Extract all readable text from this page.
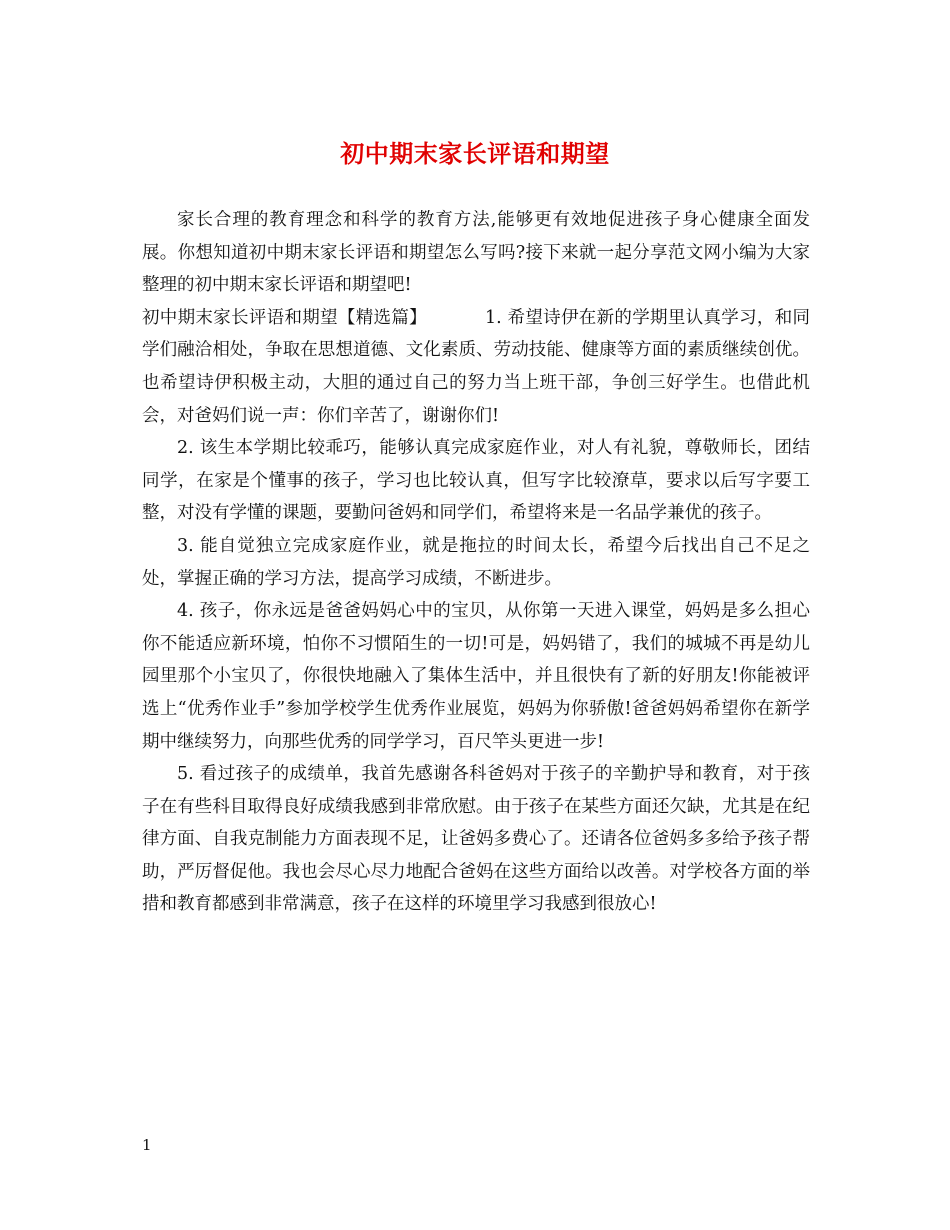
初中期末家长评语和期望

家长合理的教育理念和科学的教育方法,能够更有效地促进孩子身心健康全面发展。你想知道初中期末家长评语和期望怎么写吗?接下来就一起分享范文网小编为大家整理的初中期末家长评语和期望吧!

初中期末家长评语和期望【精选篇】	1. 希望诗伊在新的学期里认真学习，和同学们融洽相处，争取在思想道德、文化素质、劳动技能、健康等方面的素质继续创优。也希望诗伊积极主动，大胆的通过自己的努力当上班干部，争创三好学生。也借此机会，对爸妈们说一声：你们辛苦了，谢谢你们!

2. 该生本学期比较乖巧，能够认真完成家庭作业，对人有礼貌，尊敬师长，团结同学，在家是个懂事的孩子，学习也比较认真，但写字比较潦草，要求以后写字要工整，对没有学懂的课题，要勤问爸妈和同学们，希望将来是一名品学兼优的孩子。

3. 能自觉独立完成家庭作业，就是拖拉的时间太长，希望今后找出自己不足之处，掌握正确的学习方法，提高学习成绩，不断进步。

4. 孩子，你永远是爸爸妈妈心中的宝贝，从你第一天进入课堂，妈妈是多么担心你不能适应新环境，怕你不习惯陌生的一切!可是，妈妈错了，我们的城城不再是幼儿园里那个小宝贝了，你很快地融入了集体生活中，并且很快有了新的好朋友!你能被评选上“优秀作业手”参加学校学生优秀作业展览，妈妈为你骄傲!爸爸妈妈希望你在新学期中继续努力，向那些优秀的同学学习，百尺竿头更进一步!

5. 看过孩子的成绩单，我首先感谢各科爸妈对于孩子的辛勤护导和教育，对于孩子在有些科目取得良好成绩我感到非常欣慰。由于孩子在某些方面还欠缺，尤其是在纪律方面、自我克制能力方面表现不足，让爸妈多费心了。还请各位爸妈多多给予孩子帮助，严厉督促他。我也会尽心尽力地配合爸妈在这些方面给以改善。对学校各方面的举措和教育都感到非常满意，孩子在这样的环境里学习我感到很放心!

1
